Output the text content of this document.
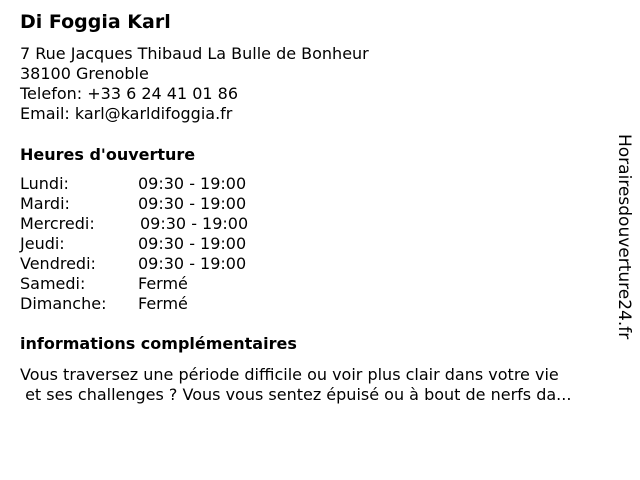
Di Foggia Karl
7 Rue Jacques Thibaud La Bulle de Bonheur
38100 Grenoble
Telefon: +33 6 24 41 01 86
Email: karl@karldifoggia.fr
Heures d'ouverture
Lundi:	09:30 - 19:00
Mardi:	09:30 - 19:00
Mercredi:	09:30 - 19:00
Jeudi:	09:30 - 19:00
Vendredi:	09:30 - 19:00
Samedi:	Fermé
Dimanche: Fermé
informations complémentaires
Vous traversez une période difficile ou voir plus clair dans votre vie
et ses challenges ? Vous vous sentez épuisé ou à bout de nerfs da...
Horairesdouverture24.fr
